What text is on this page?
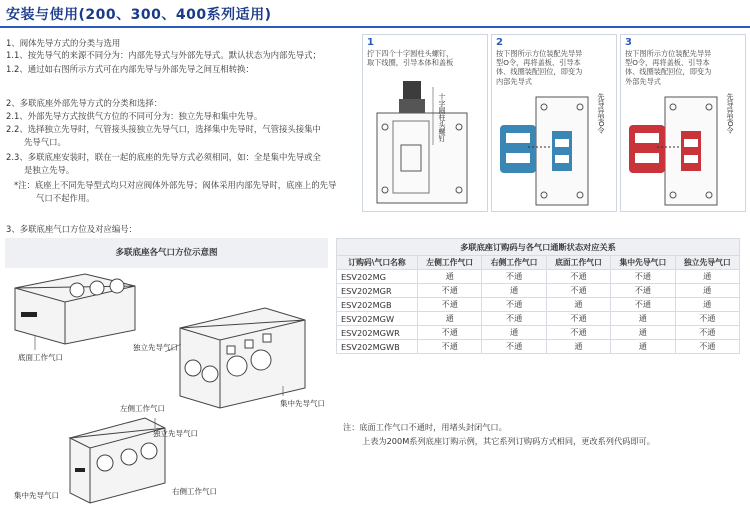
安装与使用(200、300、400系列适用)
1、阀体先导方式的分类与选用
1.1、按先导气的来源不同分为：内部先导式与外部先导式。默认状态为内部先导式；
1.2、通过如右图所示方式可在内部先导与外部先导之间互相转换：
2、多联底座外部先导方式的分类和选择：
2.1、外部先导方式按供气方位的不同可分为：独立先导和集中先导。
2.2、选择独立先导时，气管接头接独立先导气口，选择集中先导时，气管接头接集中
先导气口。
2.3、多联底座安装时，联在一起的底座的先导方式必须相同，如：全是集中先导或全
是独立先导。
*注：底座上不同先导型式均只对应阀体外部先导；阀体采用内部先导时，底座上的先导
气口不起作用。
3、多联底座气口方位及对应编号：
1
拧下四个十字圆柱头螺钉，取下线圈，引导本体和盖板
十字圆柱头螺钉
2
按下图所示方位装配先导异型O令，再将盖板、引导本体、线圈装配回位，即变为内部先导式
先导异型O令
3
按下图所示方位装配先导异型O令，再将盖板、引导本体、线圈装配回位，即变为外部先导式
先导异型O令
多联底座各气口方位示意图
底面工作气口
独立先导气口
左侧工作气口
集中先导气口
独立先导气口
集中先导气口	右侧工作气口
多联底座订购码与各气口通断状态对应关系					
订购码\气口名称	左侧工作气口	右侧工作气口	底面工作气口	集中先导气口	独立先导气口
ESV202MG	通	不通	不通	不通	通
ESV202MGR	不通	通	不通	不通	通
ESV202MGB	不通	不通	通	不通	通
ESV202MGW	通	不通	不通	通	不通
ESV202MGWR	不通	通	不通	通	不通
ESV202MGWB	不通	不通	通	通	不通
注：底面工作气口不通时，用堵头封闭气口。
上表为200M系列底座订购示例，其它系列订购码方式相同，更改系列代码即可。
